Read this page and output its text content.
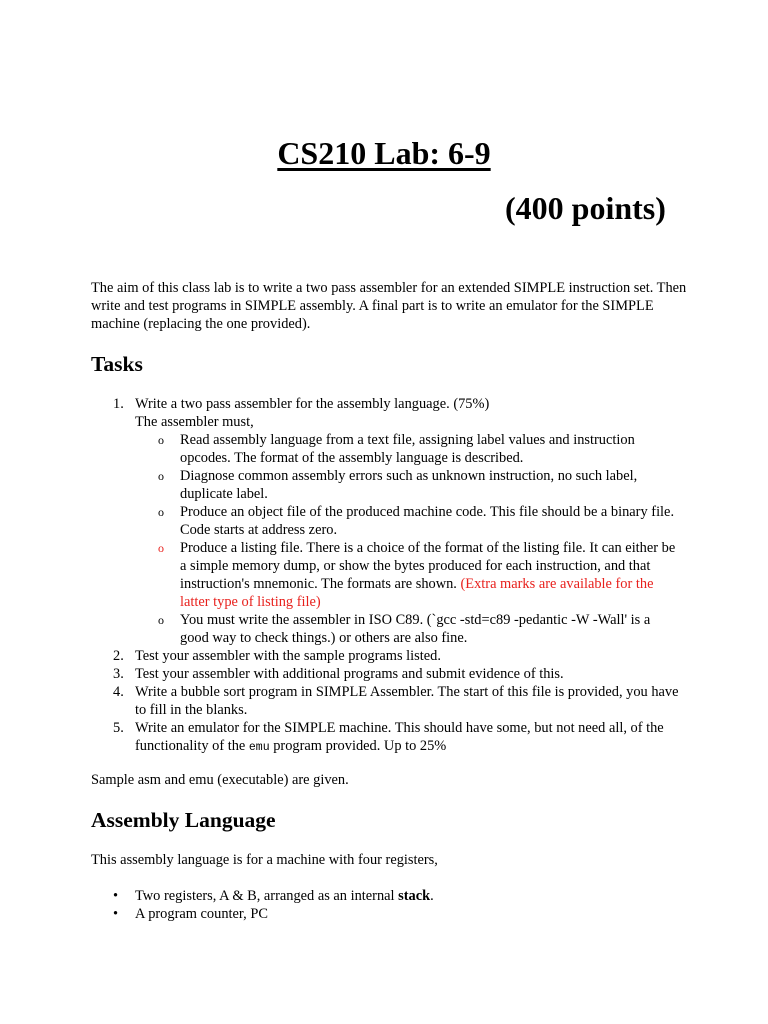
CS210 Lab: 6-9
(400 points)

The aim of this class lab is to write a two pass assembler for an extended SIMPLE instruction set. Then write and test programs in SIMPLE assembly. A final part is to write an emulator for the SIMPLE machine (replacing the one provided).

Tasks
1. Write a two pass assembler for the assembly language. (75%)
The assembler must,
o Read assembly language from a text file, assigning label values and instruction opcodes. The format of the assembly language is described.
o Diagnose common assembly errors such as unknown instruction, no such label, duplicate label.
o Produce an object file of the produced machine code. This file should be a binary file. Code starts at address zero.
o Produce a listing file. There is a choice of the format of the listing file. It can either be a simple memory dump, or show the bytes produced for each instruction, and that instruction's mnemonic. The formats are shown. (Extra marks are available for the latter type of listing file)
o You must write the assembler in ISO C89. (`gcc -std=c89 -pedantic -W -Wall' is a good way to check things.) or others are also fine.
2. Test your assembler with the sample programs listed.
3. Test your assembler with additional programs and submit evidence of this.
4. Write a bubble sort program in SIMPLE Assembler. The start of this file is provided, you have to fill in the blanks.
5. Write an emulator for the SIMPLE machine. This should have some, but not need all, of the functionality of the emu program provided. Up to 25%

Sample asm and emu (executable) are given.

Assembly Language

This assembly language is for a machine with four registers,

• Two registers, A & B, arranged as an internal stack.
• A program counter, PC
